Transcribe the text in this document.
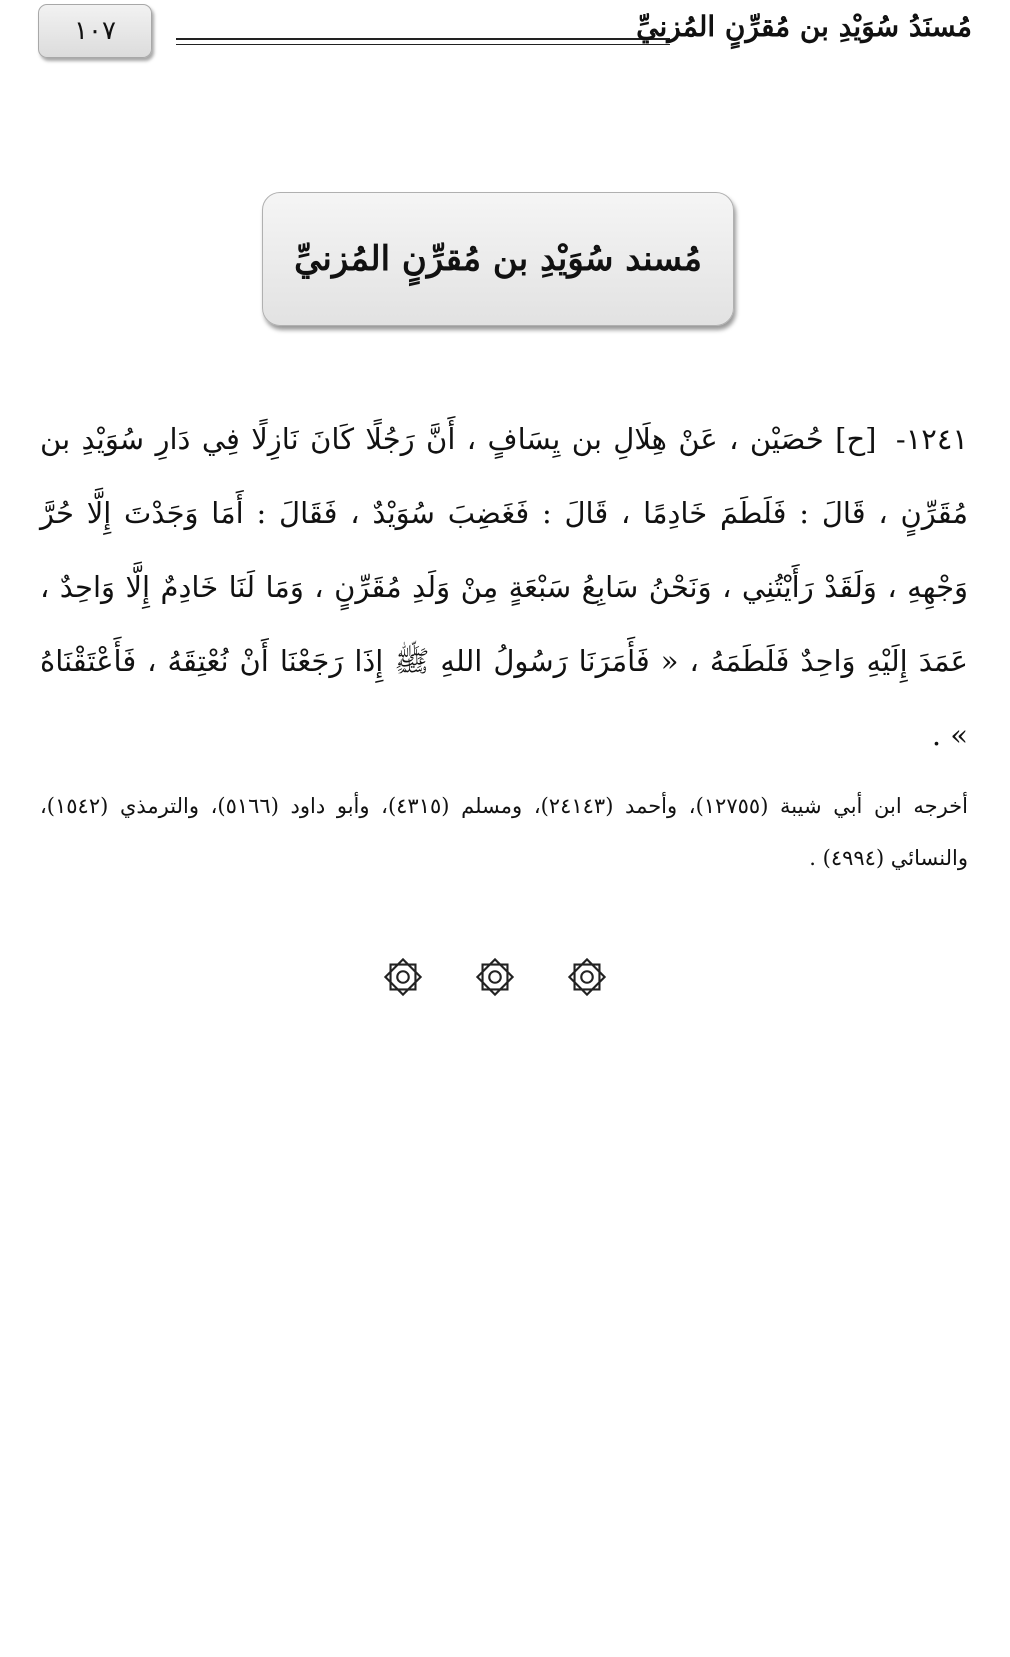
١٠٧	مُسنَدُ سُوَيْدِ بن مُقرِّنٍ المُزنيِّ
مُسند سُوَيْدِ بن مُقرِّنٍ المُزنيِّ

١٢٤١- [ح] حُصَيْن ، عَنْ هِلَالِ بن يِسَافٍ ، أَنَّ رَجُلًا كَانَ نَازِلًا فِي دَارِ سُوَيْدِ بن مُقَرِّنٍ ، قَالَ : فَلَطَمَ خَادِمًا ، قَالَ : فَغَضِبَ سُوَيْدٌ ، فَقَالَ : أَمَا وَجَدْتَ إِلَّا حُرَّ وَجْهِهِ ، وَلَقَدْ رَأَيْتُنِي ، وَنَحْنُ سَابِعُ سَبْعَةٍ مِنْ وَلَدِ مُقَرِّنٍ ، وَمَا لَنَا خَادِمٌ إِلَّا وَاحِدٌ ، عَمَدَ إِلَيْهِ وَاحِدٌ فَلَطَمَهُ ، « فَأَمَرَنَا رَسُولُ اللهِ ﷺ إِذَا رَجَعْنَا أَنْ نُعْتِقَهُ ، فَأَعْتَقْنَاهُ » .

أخرجه ابن أبي شيبة (١٢٧٥٥)، وأحمد (٢٤١٤٣)، ومسلم (٤٣١٥)، وأبو داود (٥١٦٦)، والترمذي (١٥٤٢)، والنسائي (٤٩٩٤) .
